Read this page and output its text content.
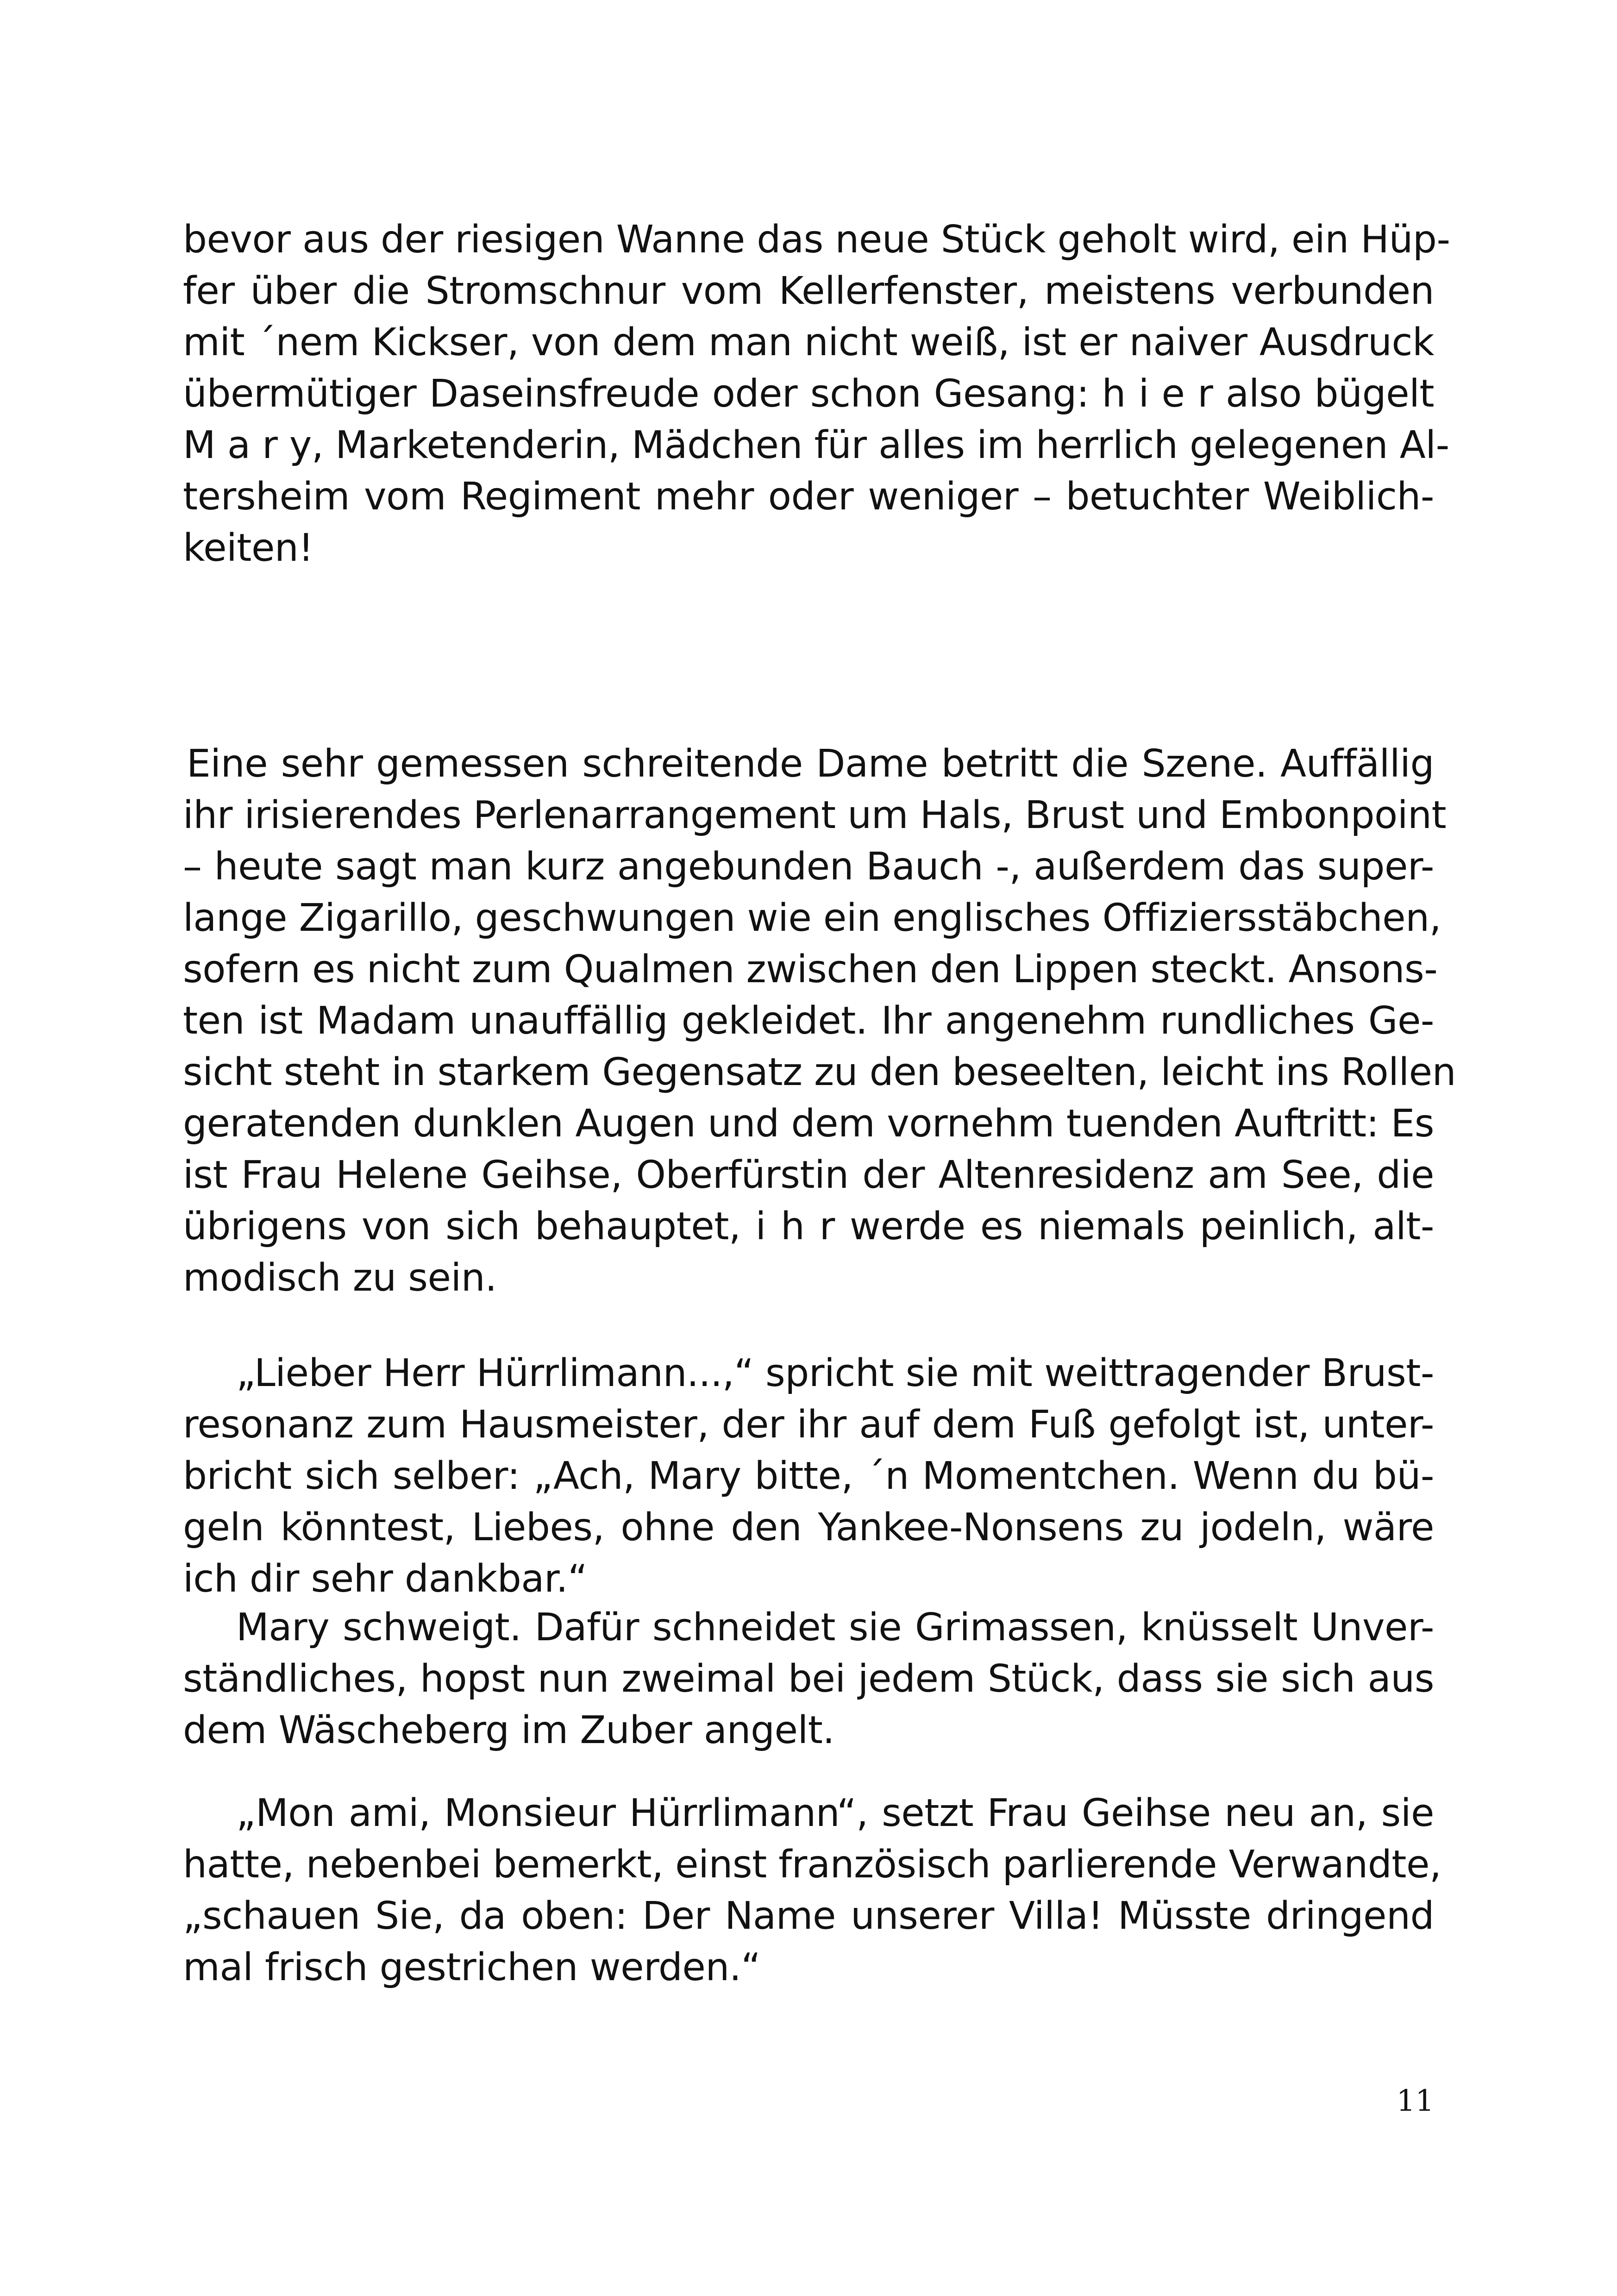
bevor aus der riesigen Wanne das neue Stück geholt wird, ein Hüp-
fer über die Stromschnur vom Kellerfenster, meistens verbunden
mit ´nem Kickser, von dem man nicht weiß, ist er naiver Ausdruck
übermütiger Daseinsfreude oder schon Gesang: h i e r also bügelt
M a r y, Marketenderin, Mädchen für alles im herrlich gelegenen Al-
tersheim vom Regiment mehr oder weniger – betuchter Weiblich-
keiten!
Eine sehr gemessen schreitende Dame betritt die Szene. Auffällig
ihr irisierendes Perlenarrangement um Hals, Brust und Embonpoint
– heute sagt man kurz angebunden Bauch -, außerdem das super-
lange Zigarillo, geschwungen wie ein englisches Offiziersstäbchen,
sofern es nicht zum Qualmen zwischen den Lippen steckt. Ansons-
ten ist Madam unauffällig gekleidet. Ihr angenehm rundliches Ge-
sicht steht in starkem Gegensatz zu den beseelten, leicht ins Rollen
geratenden dunklen Augen und dem vornehm tuenden Auftritt: Es
ist Frau Helene Geihse, Oberfürstin der Altenresidenz am See, die
übrigens von sich behauptet, i h r werde es niemals peinlich, alt-
modisch zu sein.
„Lieber Herr Hürrlimann...,“ spricht sie mit weittragender Brust-
resonanz zum Hausmeister, der ihr auf dem Fuß gefolgt ist, unter-
bricht sich selber: „Ach, Mary bitte, ´n Momentchen. Wenn du bü-
geln könntest, Liebes, ohne den Yankee-Nonsens zu jodeln, wäre
ich dir sehr dankbar.“
Mary schweigt. Dafür schneidet sie Grimassen, knüsselt Unver-
ständliches, hopst nun zweimal bei jedem Stück, dass sie sich aus
dem Wäscheberg im Zuber angelt.
„Mon ami, Monsieur Hürrlimann“, setzt Frau Geihse neu an, sie
hatte, nebenbei bemerkt, einst französisch parlierende Verwandte,
„schauen Sie, da oben: Der Name unserer Villa! Müsste dringend
mal frisch gestrichen werden.“
11
